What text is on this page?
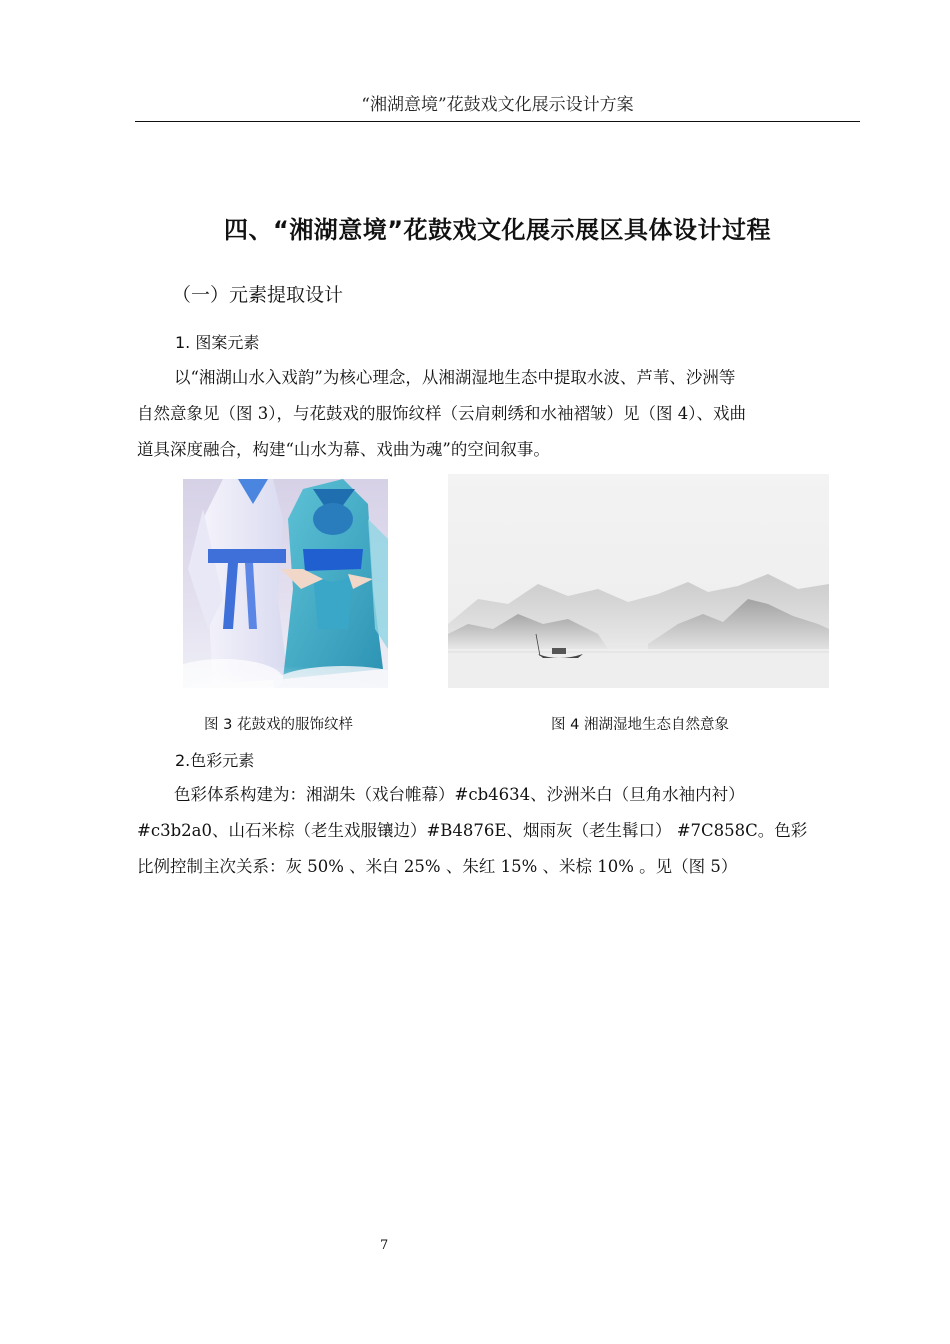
“湘湖意境”花鼓戏文化展示设计方案
四、“湘湖意境”花鼓戏文化展示展区具体设计过程
（一）元素提取设计
1. 图案元素
以“湘湖山水入戏韵”为核心理念，从湘湖湿地生态中提取水波、芦苇、沙洲等
自然意象见（图 3），与花鼓戏的服饰纹样（云肩刺绣和水袖褶皱）见（图 4）、戏曲
道具深度融合，构建“山水为幕、戏曲为魂”的空间叙事。
图 3 花鼓戏的服饰纹样	图 4 湘湖湿地生态自然意象
2.色彩元素
色彩体系构建为：湘湖朱（戏台帷幕）#cb4634、沙洲米白（旦角水袖内衬）
#c3b2a0、山石米棕（老生戏服镶边）#B4876E、烟雨灰（老生髯口） #7C858C。色彩
比例控制主次关系：灰 50% 、米白 25% 、朱红 15% 、米棕 10% 。见（图 5）
7
